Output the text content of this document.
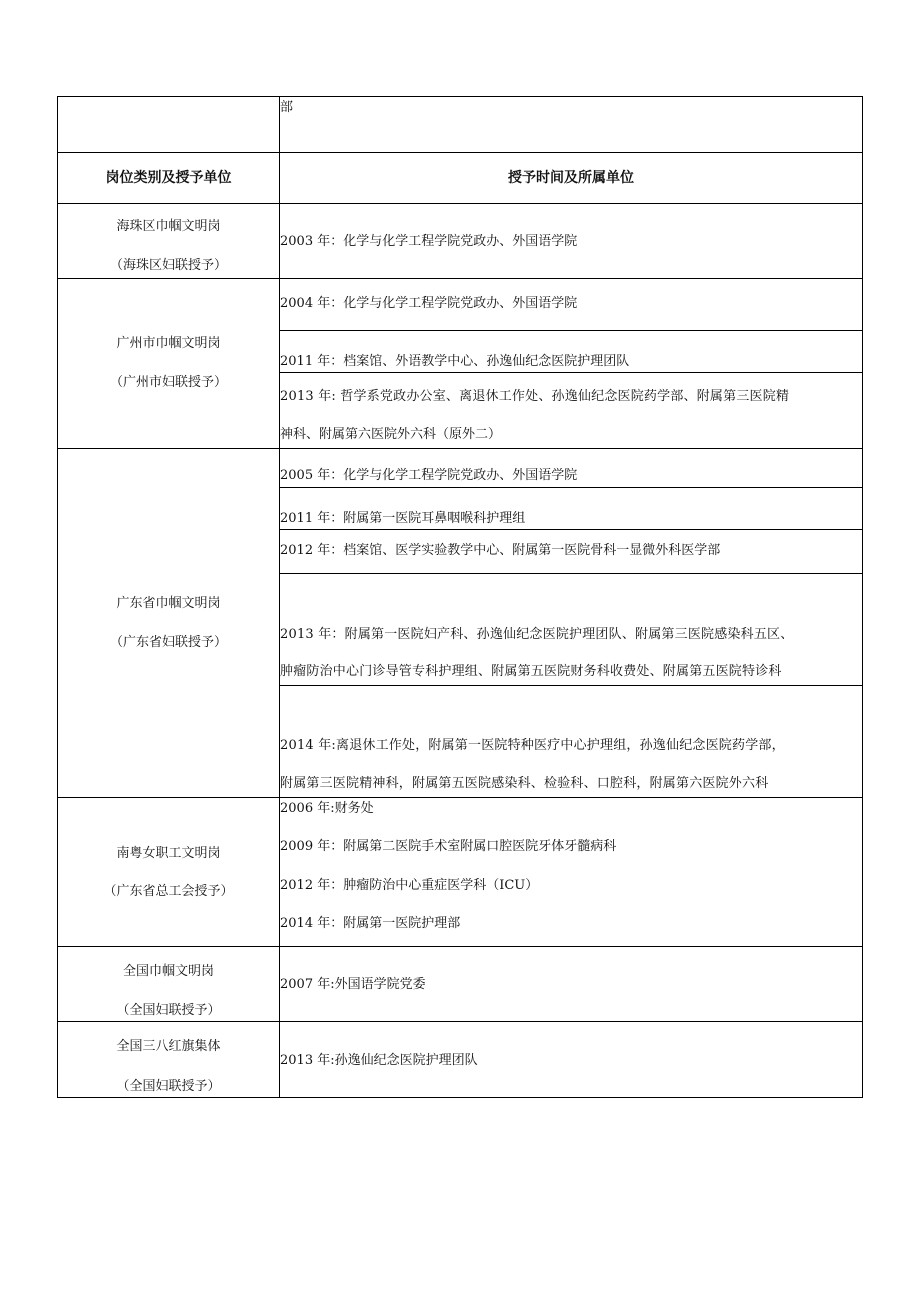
部
岗位类别及授予单位	授予时间及所属单位
海珠区巾帼文明岗
（海珠区妇联授予）
2003 年：化学与化学工程学院党政办、外国语学院
广州市巾帼文明岗
（广州市妇联授予）
2004 年：化学与化学工程学院党政办、外国语学院
2011 年：档案馆、外语教学中心、孙逸仙纪念医院护理团队
2013 年: 哲学系党政办公室、离退休工作处、孙逸仙纪念医院药学部、附属第三医院精
神科、附属第六医院外六科（原外二）
广东省巾帼文明岗
（广东省妇联授予）
2005 年：化学与化学工程学院党政办、外国语学院
2011 年：附属第一医院耳鼻咽喉科护理组
2012 年：档案馆、医学实验教学中心、附属第一医院骨科一显微外科医学部
2013 年：附属第一医院妇产科、孙逸仙纪念医院护理团队、附属第三医院感染科五区、
肿瘤防治中心门诊导管专科护理组、附属第五医院财务科收费处、附属第五医院特诊科
2014 年:离退休工作处，附属第一医院特种医疗中心护理组，孙逸仙纪念医院药学部，
附属第三医院精神科，附属第五医院感染科、检验科、口腔科，附属第六医院外六科
南粤女职工文明岗
（广东省总工会授予）
2006 年:财务处
2009 年：附属第二医院手术室附属口腔医院牙体牙髓病科
2012 年：肿瘤防治中心重症医学科（ICU）
2014 年：附属第一医院护理部
全国巾帼文明岗
（全国妇联授予）
2007 年:外国语学院党委
全国三八红旗集体
（全国妇联授予）
2013 年:孙逸仙纪念医院护理团队
